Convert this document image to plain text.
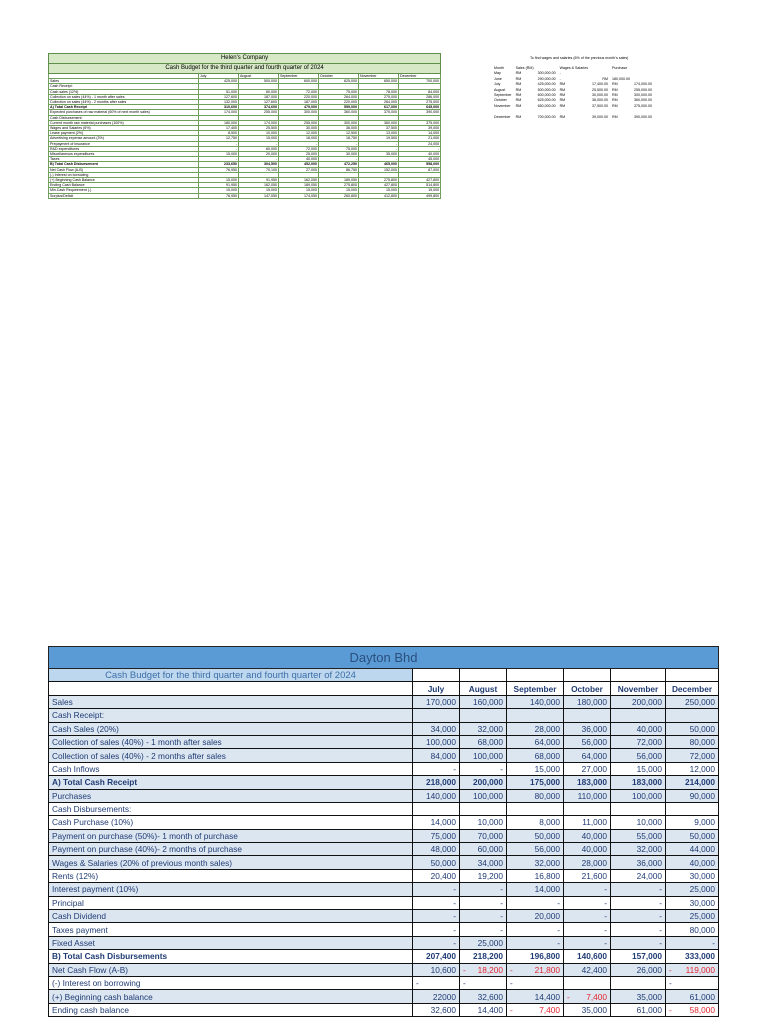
Helen's Company						
Cash Budget for the third quarter and fourth quarter of 2024						
	July	August	September	October	November	December
Sales	425,000	500,000	600,000	625,000	650,000	700,000
Cash Receipt:						
Cash sales (12%)	51,000	60,000	72,000	75,000	78,000	84,000
Collection on sales (44%) - 1 month after sales	127,600	187,000	220,000	264,000	275,000	286,000
Collection on sales (44%) - 2 months after sales	132,000	127,600	187,000	220,000	264,000	275,000
A) Total Cash Receipt	310,600	374,600	479,000	559,000	617,000	645,000
Expected purchases of raw material (60% of next month sales)	174,000	255,000	300,000	360,000	375,000	390,000
Cash Disbursement:						
Current month raw material purchases (100%)	180,000	174,000	255,000	300,000	360,000	375,000
Wages and Salaries (6%)	17,400	25,500	30,000	36,000	37,500	39,000
Lease payment (2%)	8,500	10,000	12,000	12,500	13,000	14,000
Advertising expense amount (3%)	12,750	15,000	18,000	18,750	19,500	21,000
Prepayment of insurance	-	-	-	-	-	24,000
R&D expenditures	-	60,000	72,000	75,000	-	-
Miscellaneous expenditures	15,000	20,000	25,000	30,000	35,000	40,000
Taxes	-	-	40,000	-	-	45,000
B) Total Cash Disbursement	233,650	304,500	452,000	472,250	465,000	558,000
Net Cash Flow (A-B)	76,950	70,100	27,000	86,750	152,000	87,000
(-) Interest on borrowing						
(+) Beginning Cash Balance	15,000	91,950	162,050	189,050	275,800	427,800
Ending Cash Balance	91,950	162,050	189,050	275,800	427,800	514,800
Min.Cash Requirement (-)	15,000	15,000	15,000	15,000	15,000	15,000
Surplus/Deficit	76,950	147,050	174,050	260,800	412,800	499,800
To find wages and salaries (6% of the previous month's sales)
Month	Sales (RM)		Wages & Salaries		Purchase	
May	RM	300,000.00	-			
June	RM	290,000.00	-	RM	180,000.00	
July	RM	425,000.00	RM	17,400.00	RM	174,000.00
August	RM	500,000.00	RM	25,500.00	RM	255,000.00
September	RM	600,000.00	RM	30,000.00	RM	300,000.00
October	RM	625,000.00	RM	36,000.00	RM	360,000.00
November	RM	650,000.00	RM	37,500.00	RM	375,000.00

December	RM	700,000.00	RM	39,000.00	RM	390,000.00
Dayton Bhd						
Cash Budget for the third quarter and fourth quarter of 2024						
	July	August	September	October	November	December
Sales	170,000	160,000	140,000	180,000	200,000	250,000
Cash Receipt:						
Cash Sales (20%)	34,000	32,000	28,000	36,000	40,000	50,000
Collection of sales (40%) - 1 month after sales	100,000	68,000	64,000	56,000	72,000	80,000
Collection of sales (40%) - 2 months after sales	84,000	100,000	68,000	64,000	56,000	72,000
Cash Inflows	-	-	15,000	27,000	15,000	12,000
A) Total Cash Receipt	218,000	200,000	175,000	183,000	183,000	214,000
Purchases	140,000	100,000	80,000	110,000	100,000	90,000
Cash Disbursements:						
Cash Purchase (10%)	14,000	10,000	8,000	11,000	10,000	9,000
Payment on purchase (50%)- 1 month of purchase	75,000	70,000	50,000	40,000	55,000	50,000
Payment on purchase (40%)- 2 months of purchase	48,000	60,000	56,000	40,000	32,000	44,000
Wages & Salaries (20% of previous month sales)	50,000	34,000	32,000	28,000	36,000	40,000
Rents (12%)	20,400	19,200	16,800	21,600	24,000	30,000
Interest payment (10%)	-	-	14,000	-	-	25,000
Principal	-	-	-	-	-	30,000
Cash Dividend	-	-	20,000	-	-	25,000
Taxes payment	-	-	-	-	-	80,000
Fixed Asset	-	25,000	-	-	-	-
B) Total Cash Disbursements	207,400	218,200	196,800	140,600	157,000	333,000
Net Cash Flow (A-B)	10,600	- 18,200	- 21,800	42,400	26,000	- 119,000
(-) Interest on borrowing	-	-	-			-

(+) Beginning cash balance	22000	32,600	14,400	- 7,400	35,000	61,000
Ending cash balance	32,600	14,400	- 7,400	35,000	61,000	- 58,000
